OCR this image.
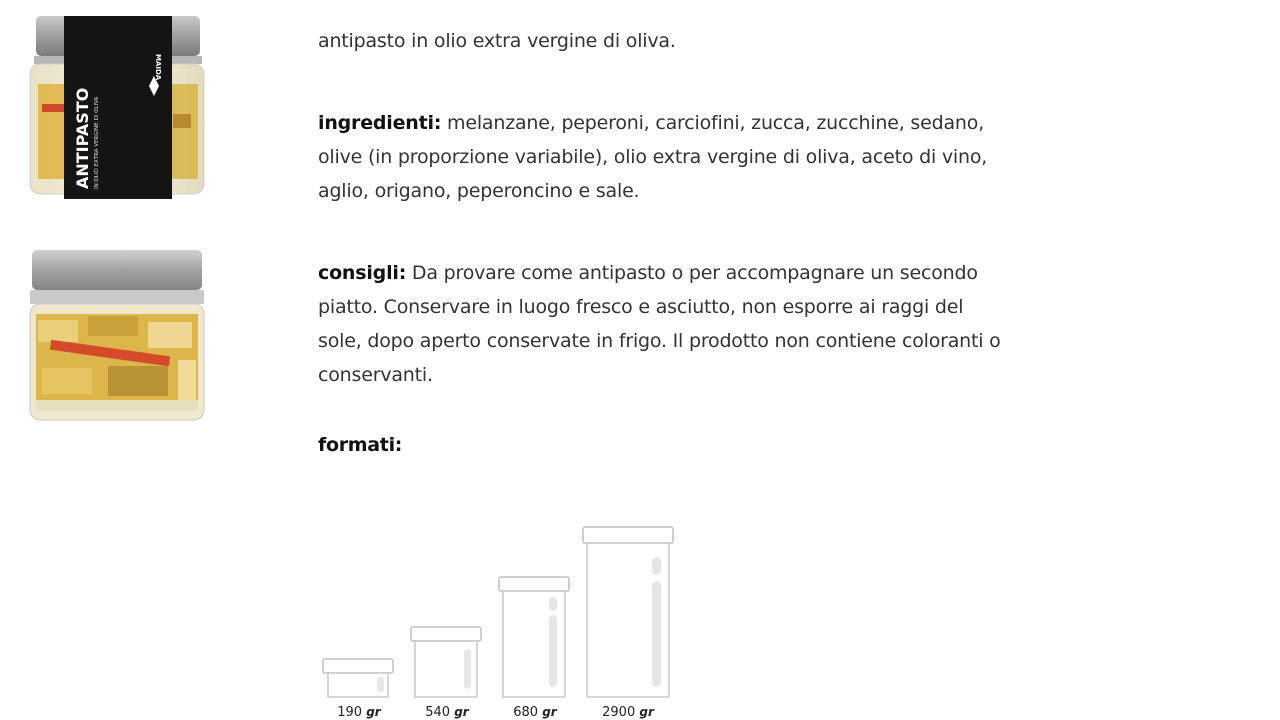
ANTIPASTO IN OLIO EXTRA VERGINE DI OLIVA
MAIDA

antipasto in olio extra vergine di oliva.

ingredienti: melanzane, peperoni, carciofini, zucca, zucchine, sedano, olive (in proporzione variabile), olio extra vergine di oliva, aceto di vino, aglio, origano, peperoncino e sale.

consigli: Da provare come antipasto o per accompagnare un secondo piatto. Conservare in luogo fresco e asciutto, non esporre ai raggi del sole, dopo aperto conservate in frigo. Il prodotto non contiene coloranti o conservanti.

formati:
190 gr	540 gr	680 gr	2900 gr
